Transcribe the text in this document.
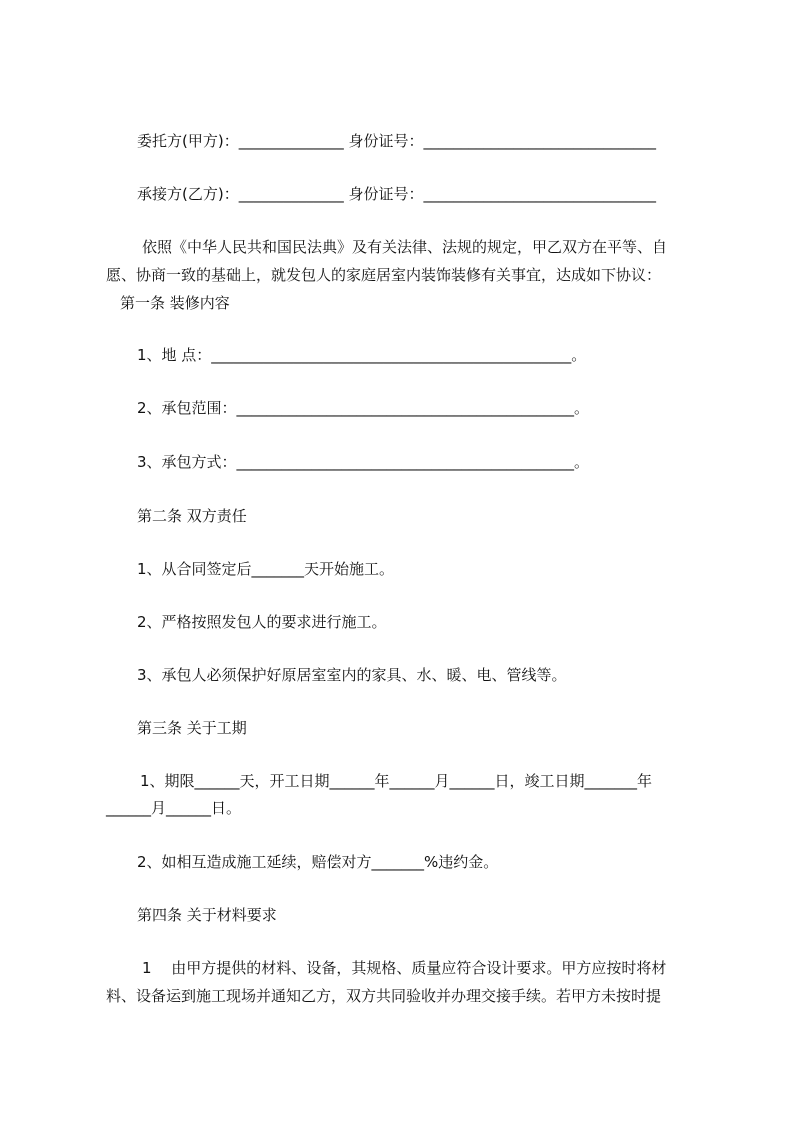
委托方(甲方)：______________ 身份证号：_______________________________
承接方(乙方)：______________ 身份证号：_______________________________
依照《中华人民共和国民法典》及有关法律、法规的规定，甲乙双方在平等、自
愿、协商一致的基础上，就发包人的家庭居室内装饰装修有关事宜，达成如下协议：
第一条 装修内容
1、地 点：________________________________________________。
2、承包范围：_____________________________________________。
3、承包方式：_____________________________________________。
第二条 双方责任
1、从合同签定后_______天开始施工。
2、严格按照发包人的要求进行施工。
3、承包人必须保护好原居室室内的家具、水、暖、电、管线等。
第三条 关于工期
1、期限______天，开工日期______年______月______日，竣工日期_______年
______月______日。
2、如相互造成施工延续，赔偿对方_______%违约金。
第四条 关于材料要求
1　 由甲方提供的材料、设备，其规格、质量应符合设计要求。甲方应按时将材
料、设备运到施工现场并通知乙方，双方共同验收并办理交接手续。若甲方未按时提
